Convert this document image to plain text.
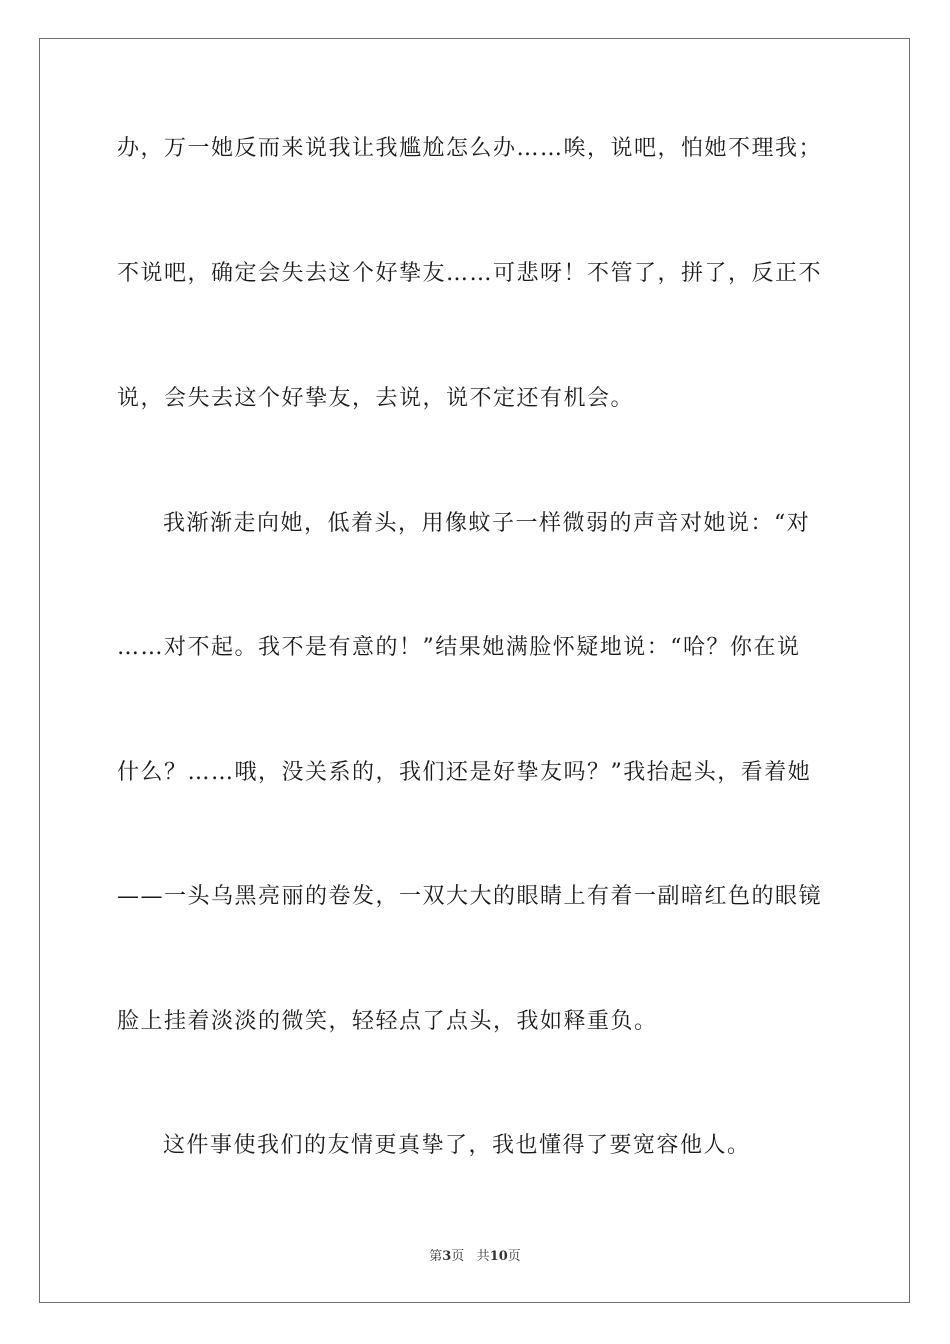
办，万一她反而来说我让我尴尬怎么办……唉，说吧，怕她不理我；
不说吧，确定会失去这个好挚友……可悲呀！不管了，拼了，反正不
说，会失去这个好挚友，去说，说不定还有机会。
我渐渐走向她，低着头，用像蚊子一样微弱的声音对她说：“对
……对不起。我不是有意的！”结果她满脸怀疑地说：“哈？你在说
什么？……哦，没关系的，我们还是好挚友吗？”我抬起头，看着她
——一头乌黑亮丽的卷发，一双大大的眼睛上有着一副暗红色的眼镜
脸上挂着淡淡的微笑，轻轻点了点头，我如释重负。
这件事使我们的友情更真挚了，我也懂得了要宽容他人。
第3页 共10页
